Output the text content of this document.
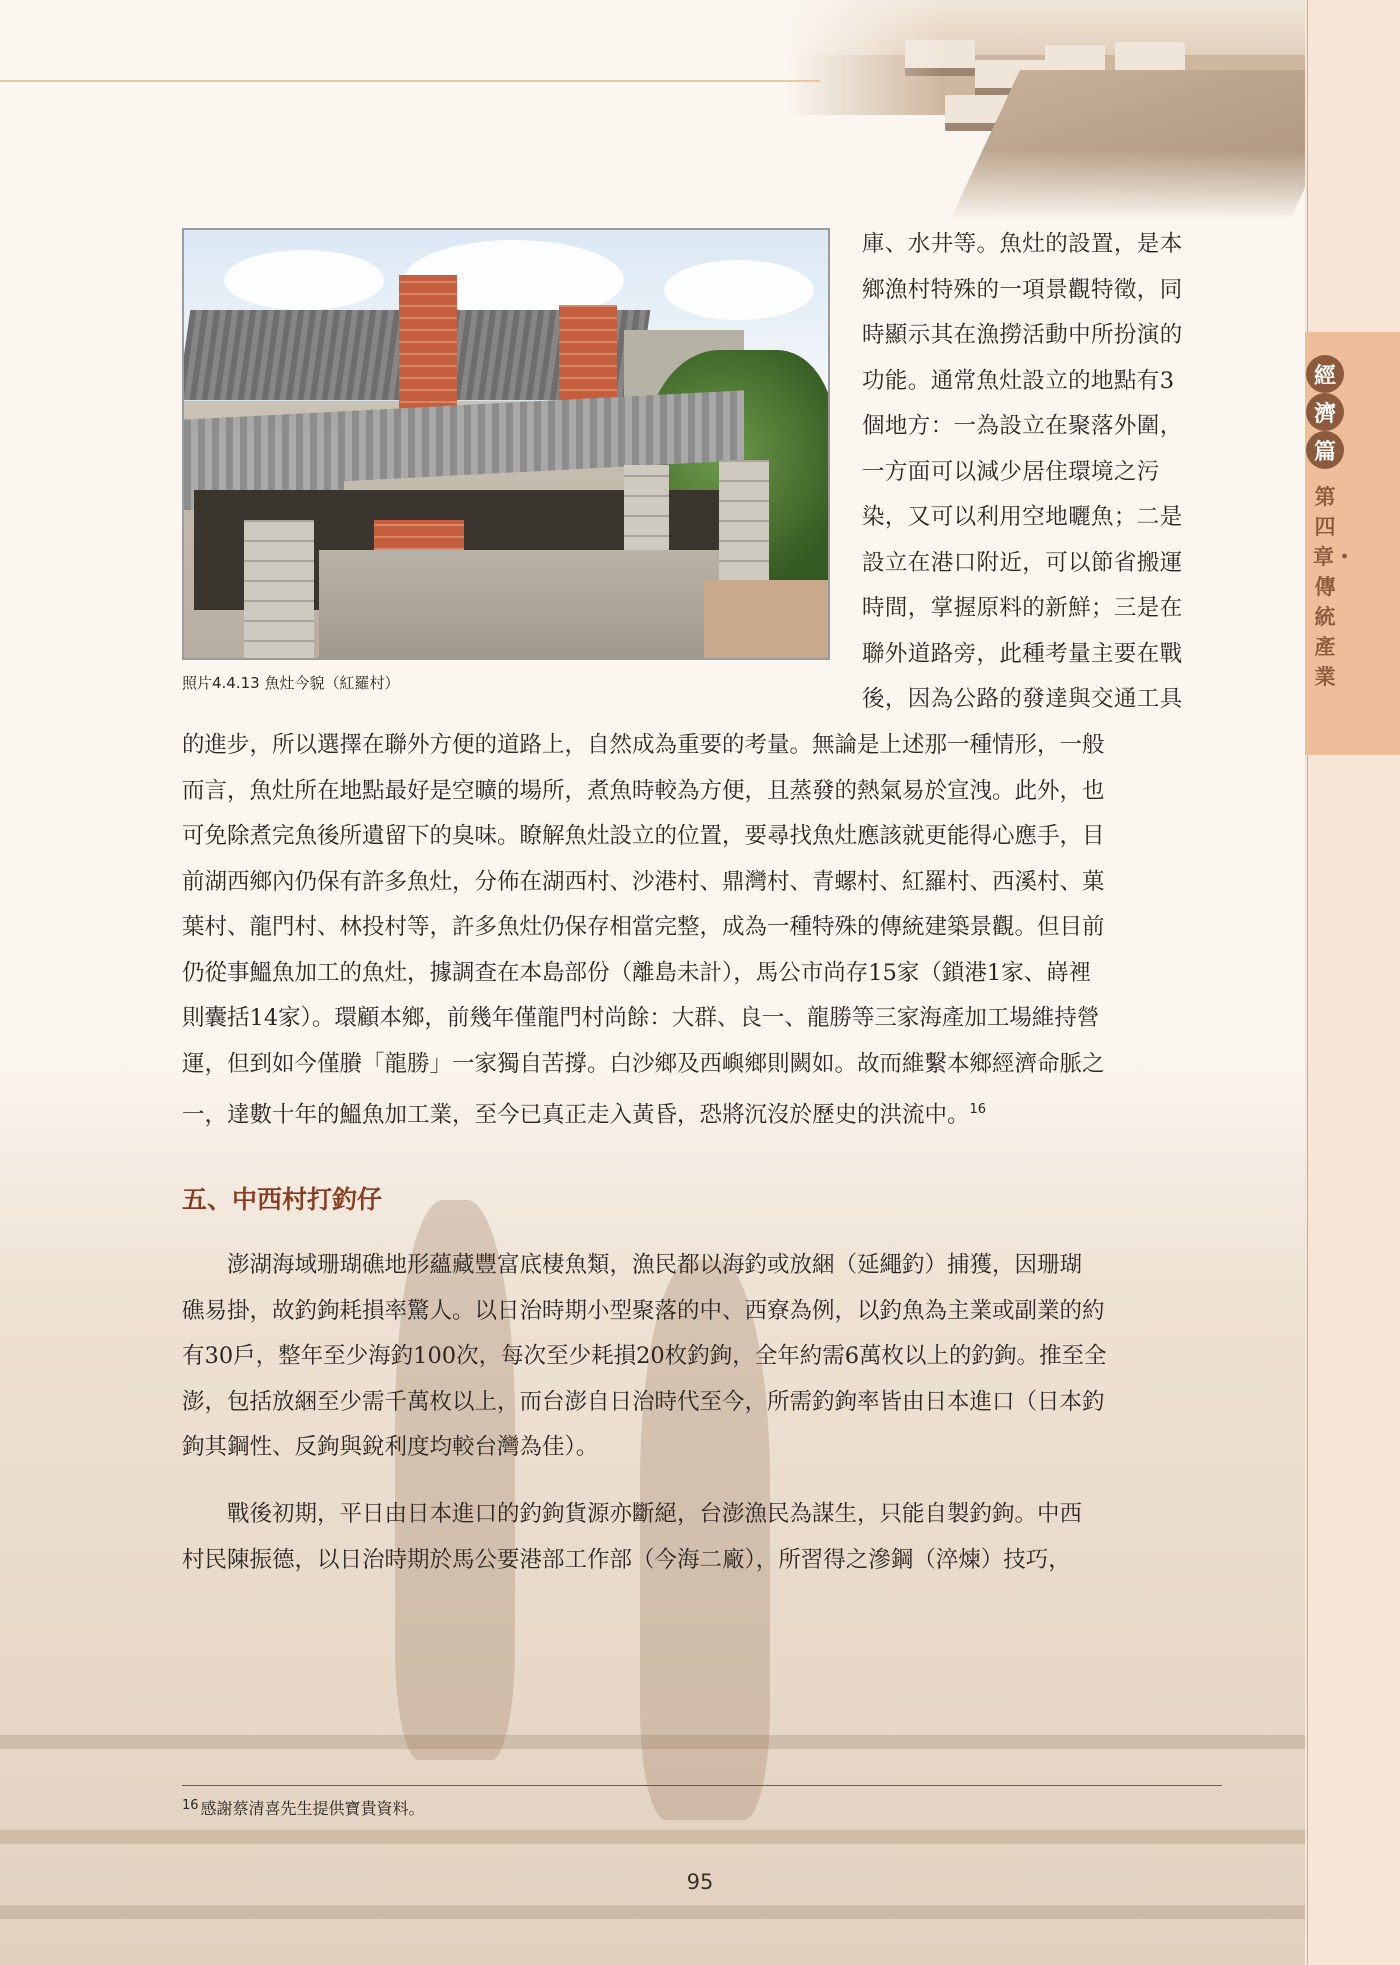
經
濟
篇
第四章・傳統產業
照片4.4.13 魚灶今貌（紅羅村）
庫、水井等。魚灶的設置，是本
鄉漁村特殊的一項景觀特徵，同
時顯示其在漁撈活動中所扮演的
功能。通常魚灶設立的地點有3
個地方：一為設立在聚落外圍，
一方面可以減少居住環境之污
染，又可以利用空地曬魚；二是
設立在港口附近，可以節省搬運
時間，掌握原料的新鮮；三是在
聯外道路旁，此種考量主要在戰
後，因為公路的發達與交通工具
的進步，所以選擇在聯外方便的道路上，自然成為重要的考量。無論是上述那一種情形，一般
而言，魚灶所在地點最好是空曠的場所，煮魚時較為方便，且蒸發的熱氣易於宣洩。此外，也
可免除煮完魚後所遺留下的臭味。瞭解魚灶設立的位置，要尋找魚灶應該就更能得心應手，目
前湖西鄉內仍保有許多魚灶，分佈在湖西村、沙港村、鼎灣村、青螺村、紅羅村、西溪村、菓
葉村、龍門村、林投村等，許多魚灶仍保存相當完整，成為一種特殊的傳統建築景觀。但目前
仍從事鰮魚加工的魚灶，據調查在本島部份（離島未計），馬公市尚存15家（鎖港1家、嵵裡
則囊括14家）。環顧本鄉，前幾年僅龍門村尚餘：大群、良一、龍勝等三家海產加工場維持營
運，但到如今僅賸「龍勝」一家獨自苦撐。白沙鄉及西嶼鄉則闕如。故而維繫本鄉經濟命脈之
一，達數十年的鰮魚加工業，至今已真正走入黃昏，恐將沉沒於歷史的洪流中。$^{16}$
五、中西村打釣仔
　　澎湖海域珊瑚礁地形蘊藏豐富底棲魚類，漁民都以海釣或放綑（延繩釣）捕獲，因珊瑚
礁易掛，故釣鉤耗損率驚人。以日治時期小型聚落的中、西寮為例，以釣魚為主業或副業的約
有30戶，整年至少海釣100次，每次至少耗損20枚釣鉤，全年約需6萬枚以上的釣鉤。推至全
澎，包括放綑至少需千萬枚以上，而台澎自日治時代至今，所需釣鉤率皆由日本進口（日本釣
鉤其鋼性、反鉤與銳利度均較台灣為佳）。
　　戰後初期，平日由日本進口的釣鉤貨源亦斷絕，台澎漁民為謀生，只能自製釣鉤。中西
村民陳振德，以日治時期於馬公要港部工作部（今海二廠），所習得之滲鋼（淬煉）技巧，
$^{16}$ 感謝蔡清喜先生提供寶貴資料。
95
